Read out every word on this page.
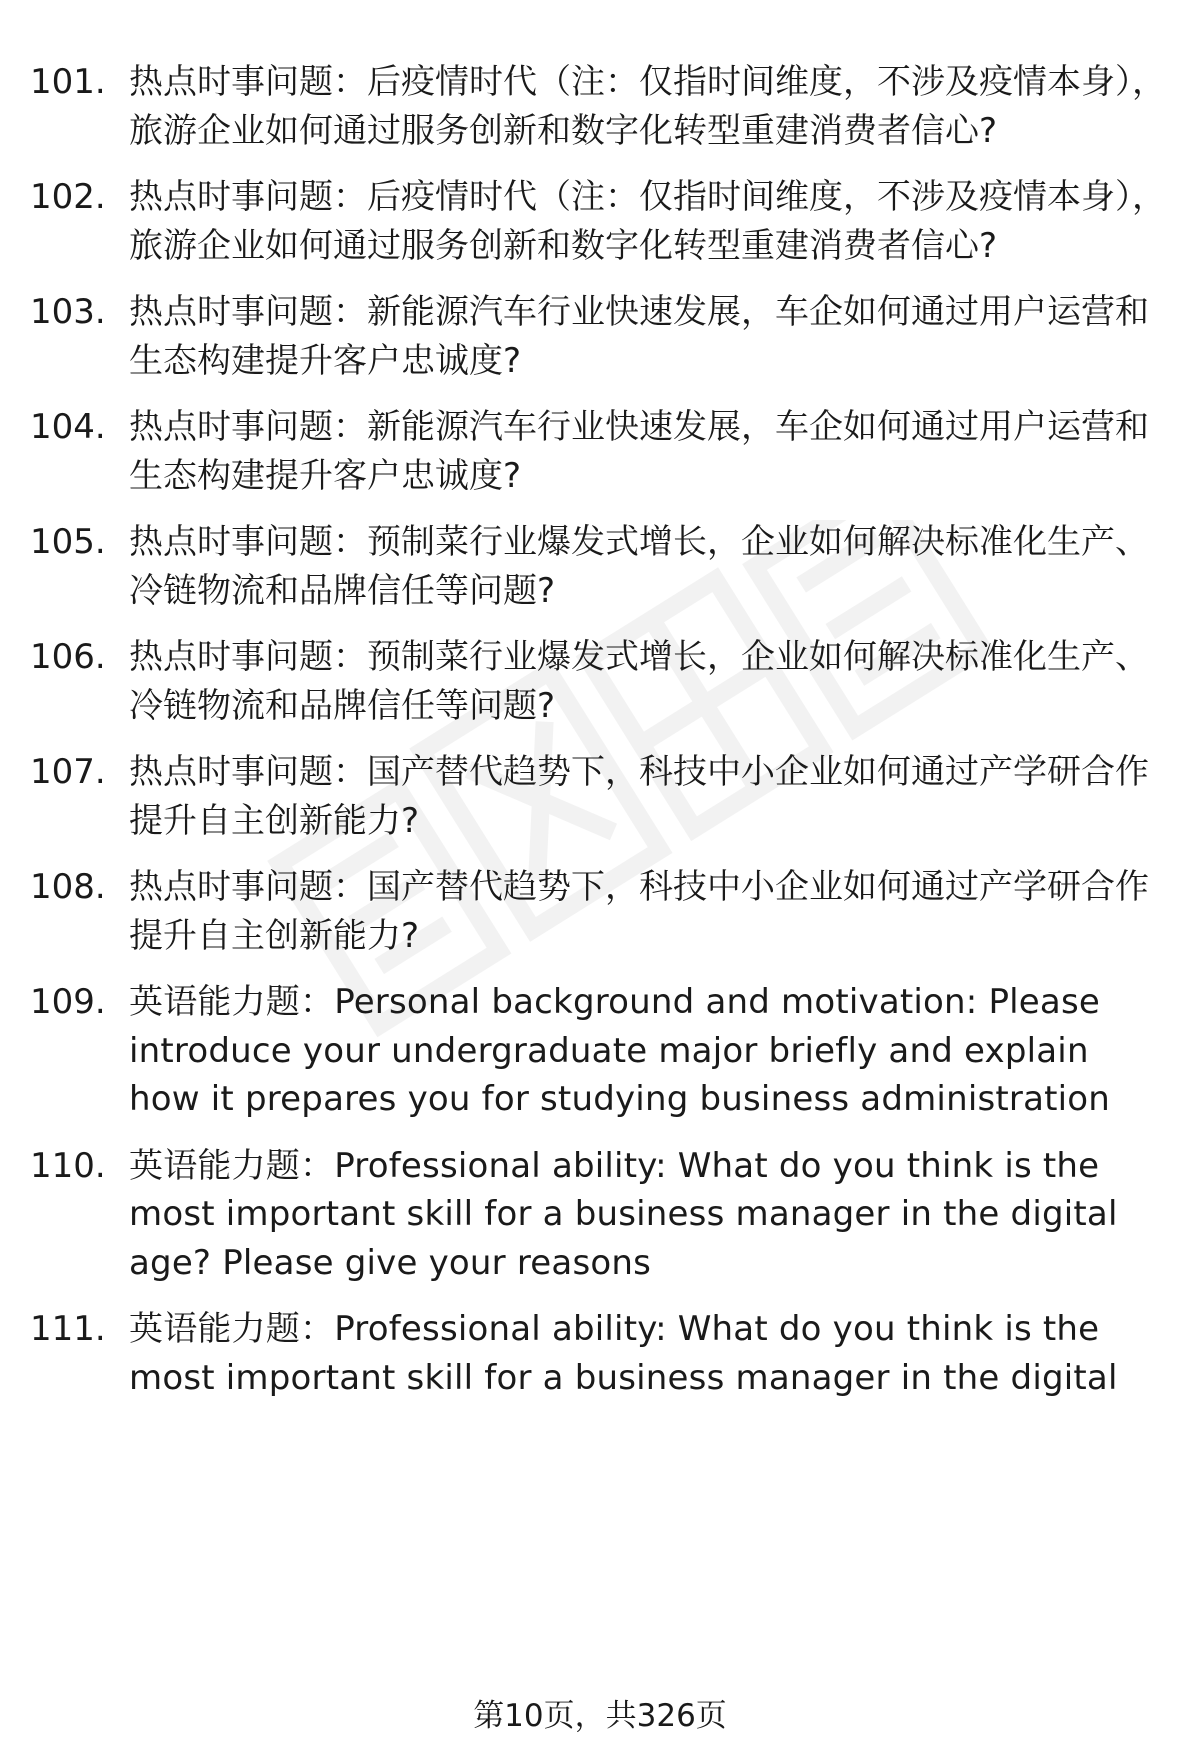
101. 热点时事问题：后疫情时代（注：仅指时间维度，不涉及疫情本身），旅游企业如何通过服务创新和数字化转型重建消费者信心?
102. 热点时事问题：后疫情时代（注：仅指时间维度，不涉及疫情本身），旅游企业如何通过服务创新和数字化转型重建消费者信心?
103. 热点时事问题：新能源汽车行业快速发展，车企如何通过用户运营和生态构建提升客户忠诚度?
104. 热点时事问题：新能源汽车行业快速发展，车企如何通过用户运营和生态构建提升客户忠诚度?
105. 热点时事问题：预制菜行业爆发式增长，企业如何解决标准化生产、冷链物流和品牌信任等问题?
106. 热点时事问题：预制菜行业爆发式增长，企业如何解决标准化生产、冷链物流和品牌信任等问题?
107. 热点时事问题：国产替代趋势下，科技中小企业如何通过产学研合作提升自主创新能力?
108. 热点时事问题：国产替代趋势下，科技中小企业如何通过产学研合作提升自主创新能力?
109. 英语能力题：Personal background and motivation: Please introduce your undergraduate major briefly and explain how it prepares you for studying business administration
110. 英语能力题：Professional ability: What do you think is the most important skill for a business manager in the digital age? Please give your reasons
111. 英语能力题：Professional ability: What do you think is the most important skill for a business manager in the digital
第10页，共326页
